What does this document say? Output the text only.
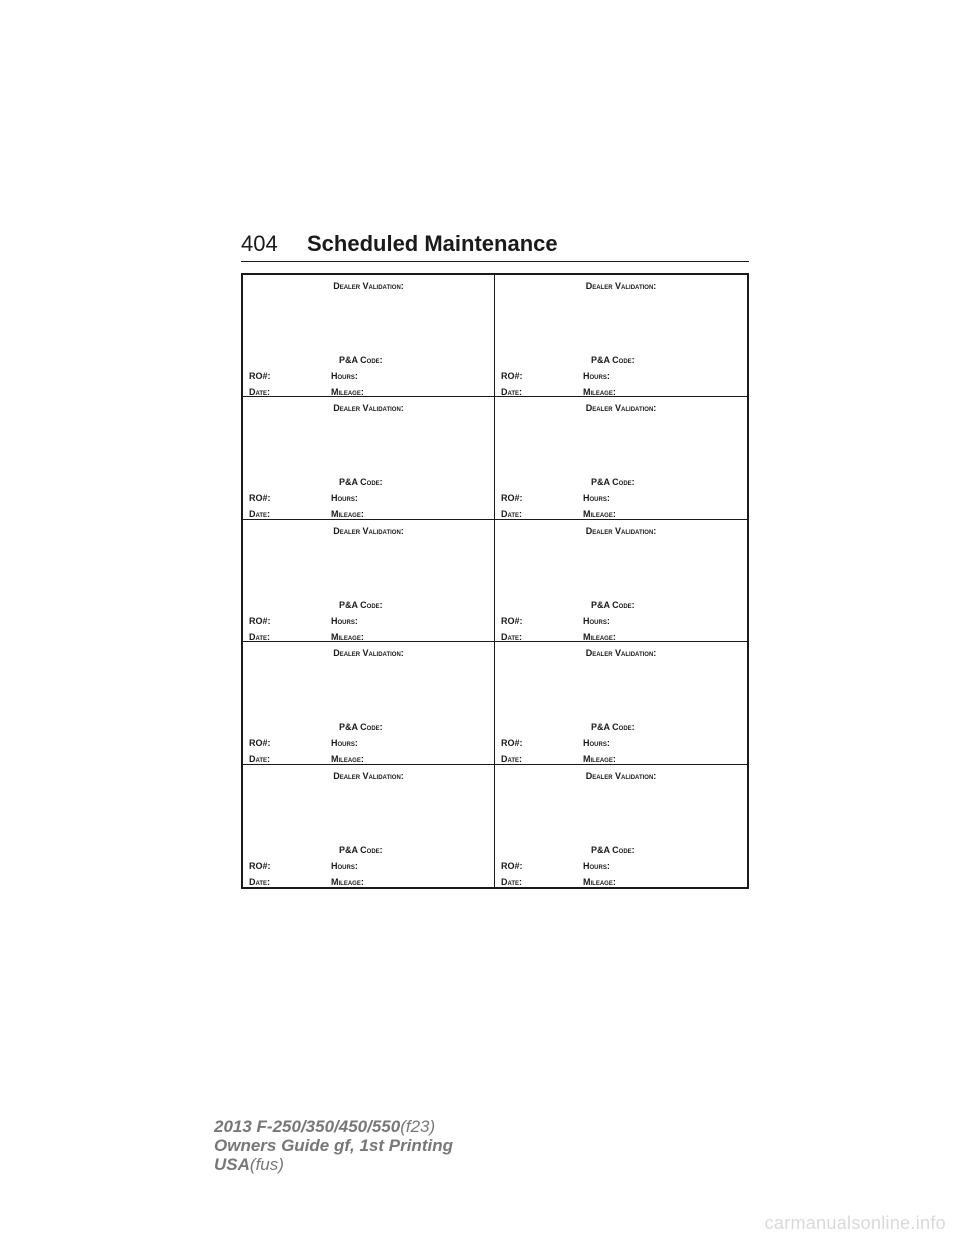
404 Scheduled Maintenance
Dealer Validation:
P&A Code:
RO#:	Hours:
Date:	Mileage:
Dealer Validation:
P&A Code:
RO#:	Hours:
Date:	Mileage:
Dealer Validation:
P&A Code:
RO#:	Hours:
Date:	Mileage:
Dealer Validation:
P&A Code:
RO#:	Hours:
Date:	Mileage:
Dealer Validation:
P&A Code:
RO#:	Hours:
Date:	Mileage:
Dealer Validation:
P&A Code:
RO#:	Hours:
Date:	Mileage:
Dealer Validation:
P&A Code:
RO#:	Hours:
Date:	Mileage:
Dealer Validation:
P&A Code:
RO#:	Hours:
Date:	Mileage:
Dealer Validation:
P&A Code:
RO#:	Hours:
Date:	Mileage:
Dealer Validation:
P&A Code:
RO#:	Hours:
Date:	Mileage:
2013 F-250/350/450/550(f23)
Owners Guide gf, 1st Printing
USA(fus)
carmanualsonline.info
